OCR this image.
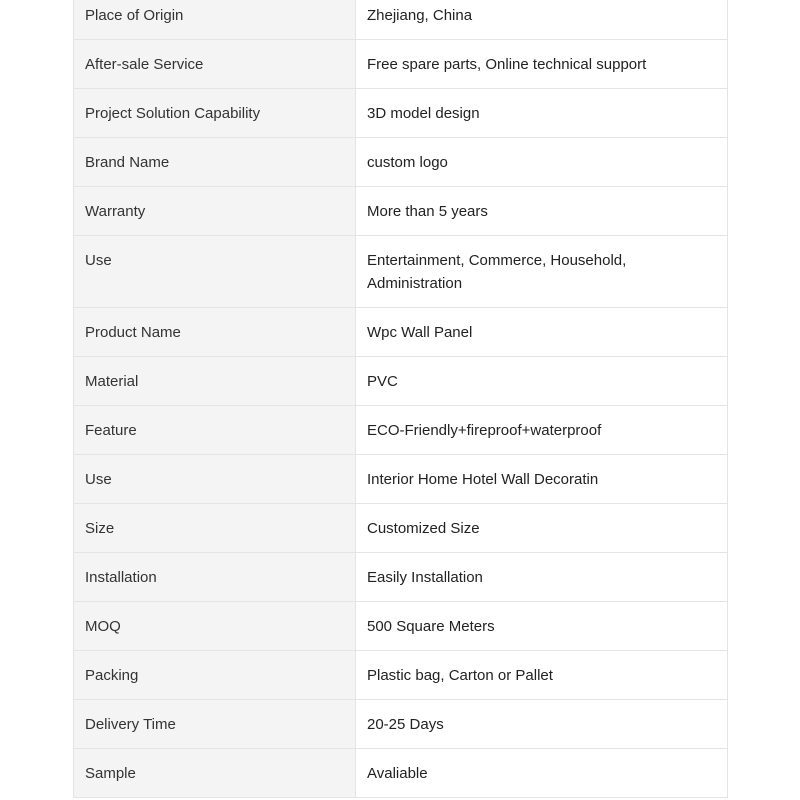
Place of Origin	Zhejiang, China
After-sale Service	Free spare parts, Online technical support
Project Solution Capability	3D model design
Brand Name	custom logo
Warranty	More than 5 years
Use	Entertainment, Commerce, Household, Administration
Product Name	Wpc Wall Panel
Material	PVC
Feature	ECO-Friendly+fireproof+waterproof
Use	Interior Home Hotel Wall Decoratin
Size	Customized Size
Installation	Easily Installation
MOQ	500 Square Meters
Packing	Plastic bag, Carton or Pallet
Delivery Time	20-25 Days
Sample	Avaliable
